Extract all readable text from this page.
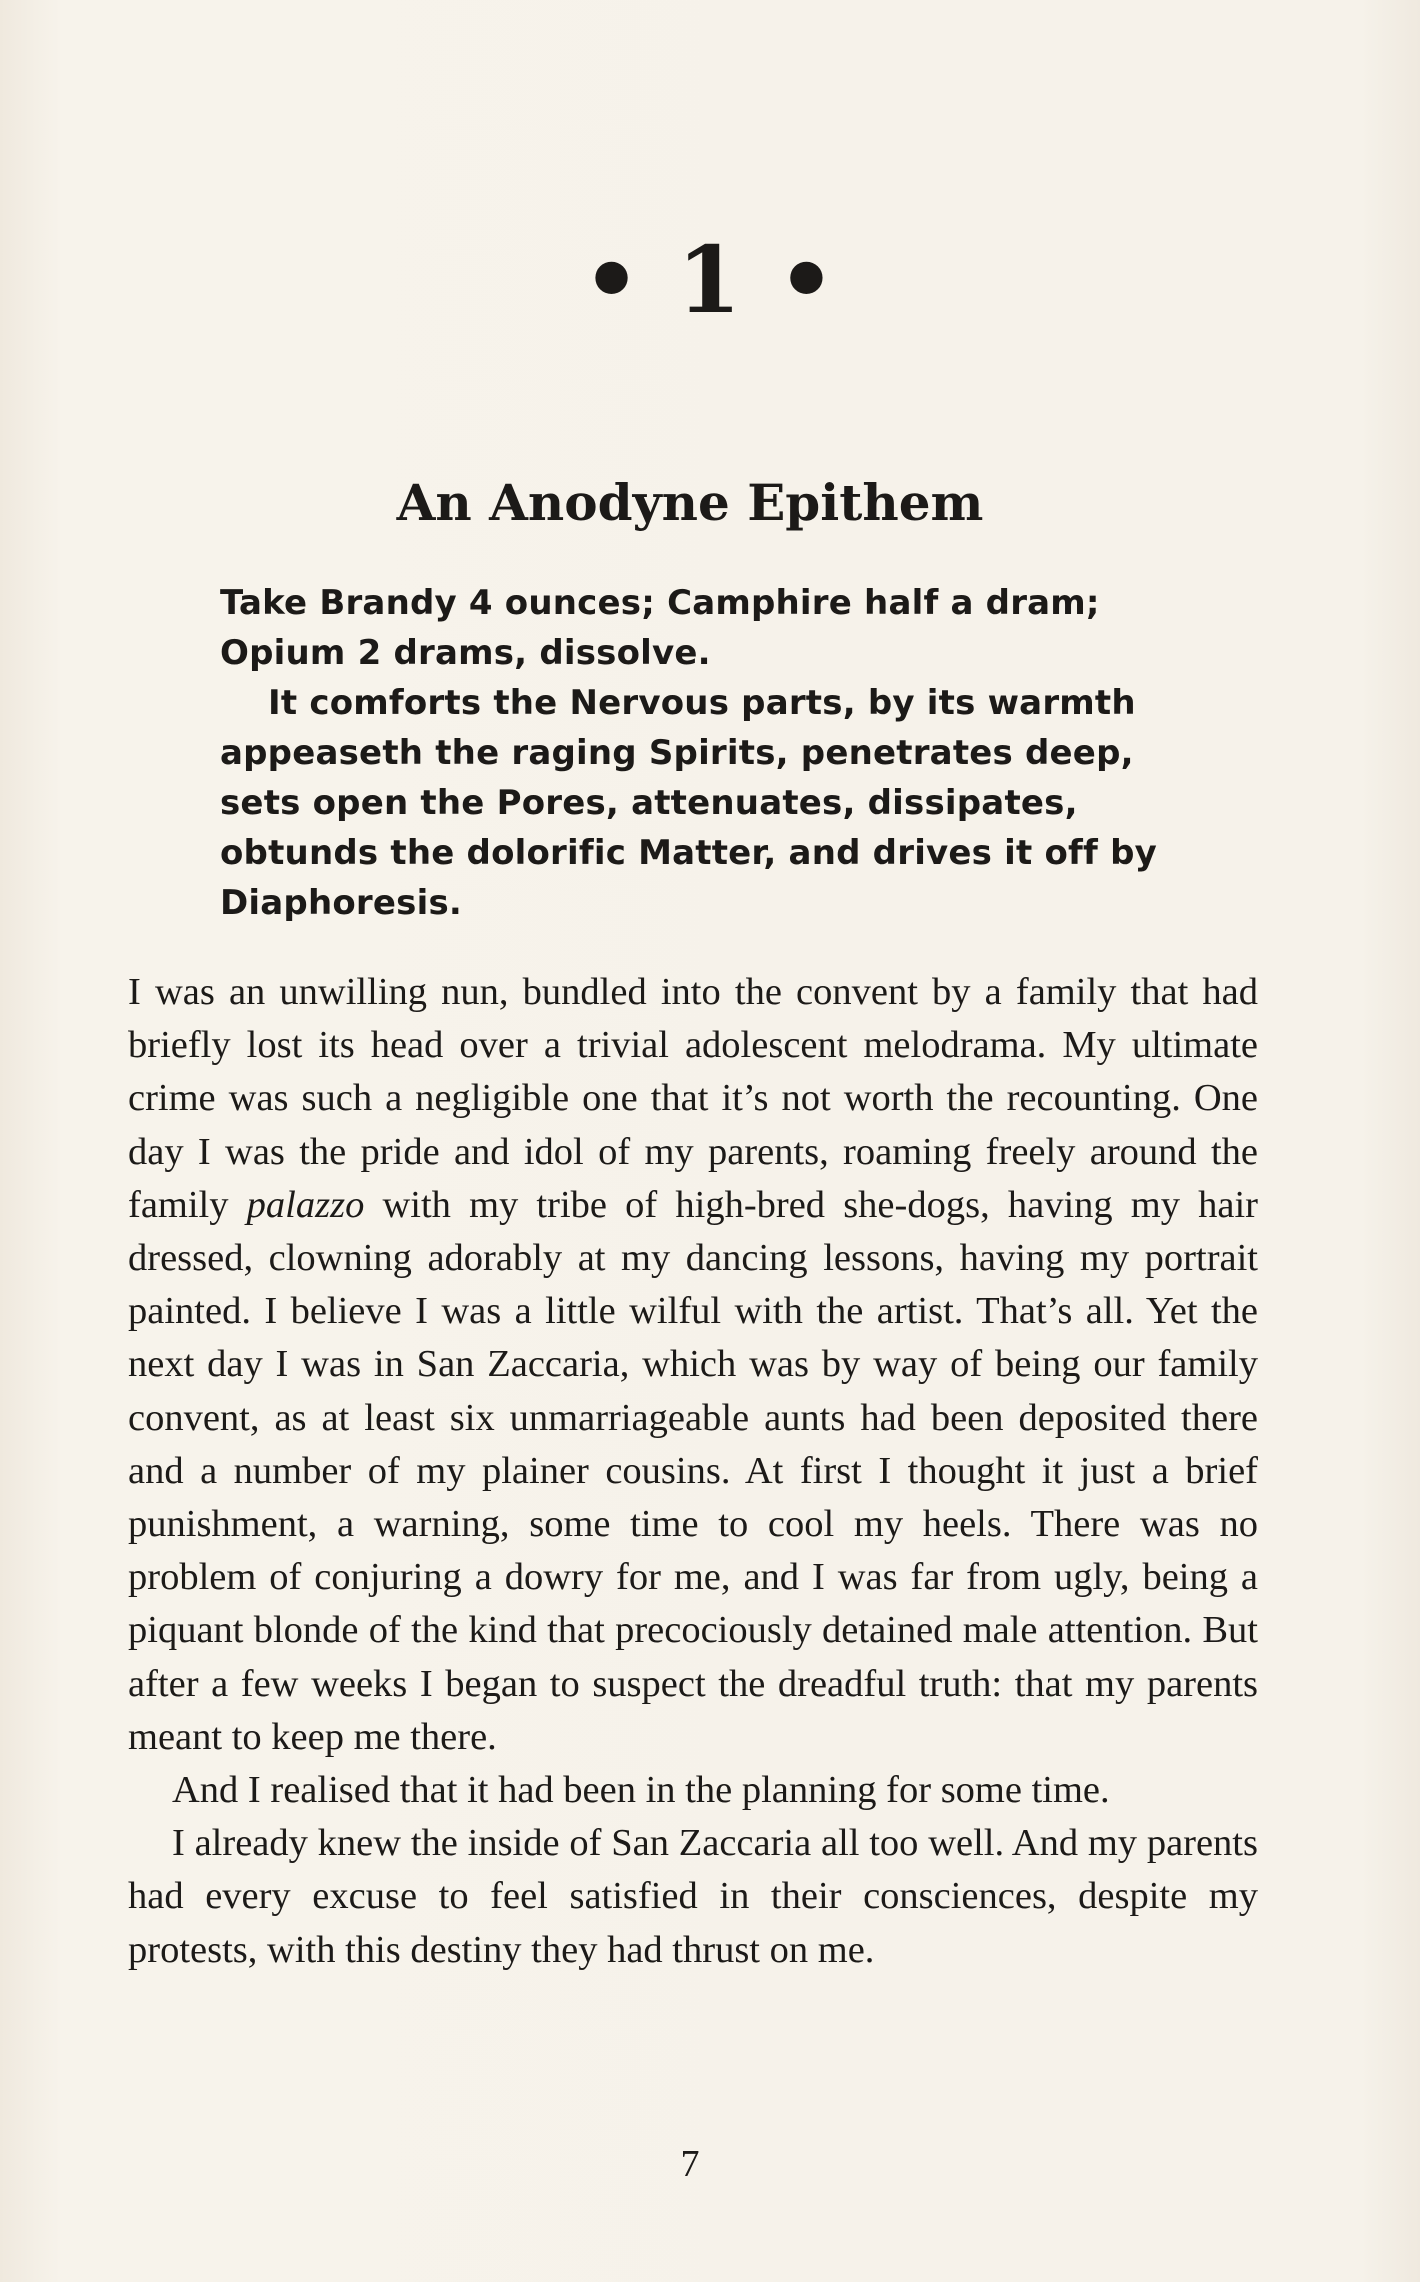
• 1 •
An Anodyne Epithem

Take Brandy 4 ounces; Camphire half a dram; Opium 2 drams, dissolve.

It comforts the Nervous parts, by its warmth appeaseth the raging Spirits, penetrates deep, sets open the Pores, attenuates, dissipates, obtunds the dolorific Matter, and drives it off by Diaphoresis.

I was an unwilling nun, bundled into the convent by a family that had briefly lost its head over a trivial adolescent melodrama. My ultimate crime was such a negligible one that it’s not worth the recounting. One day I was the pride and idol of my parents, roaming freely around the family palazzo with my tribe of high-bred she-dogs, having my hair dressed, clowning adorably at my dancing lessons, having my portrait painted. I believe I was a little wilful with the artist. That’s all. Yet the next day I was in San Zaccaria, which was by way of being our family convent, as at least six unmarriageable aunts had been deposited there and a number of my plainer cousins. At first I thought it just a brief punishment, a warning, some time to cool my heels. There was no problem of conjuring a dowry for me, and I was far from ugly, being a piquant blonde of the kind that precociously detained male attention. But after a few weeks I began to suspect the dreadful truth: that my parents meant to keep me there.

And I realised that it had been in the planning for some time.

I already knew the inside of San Zaccaria all too well. And my parents had every excuse to feel satisfied in their consciences, despite my protests, with this destiny they had thrust on me.

7
